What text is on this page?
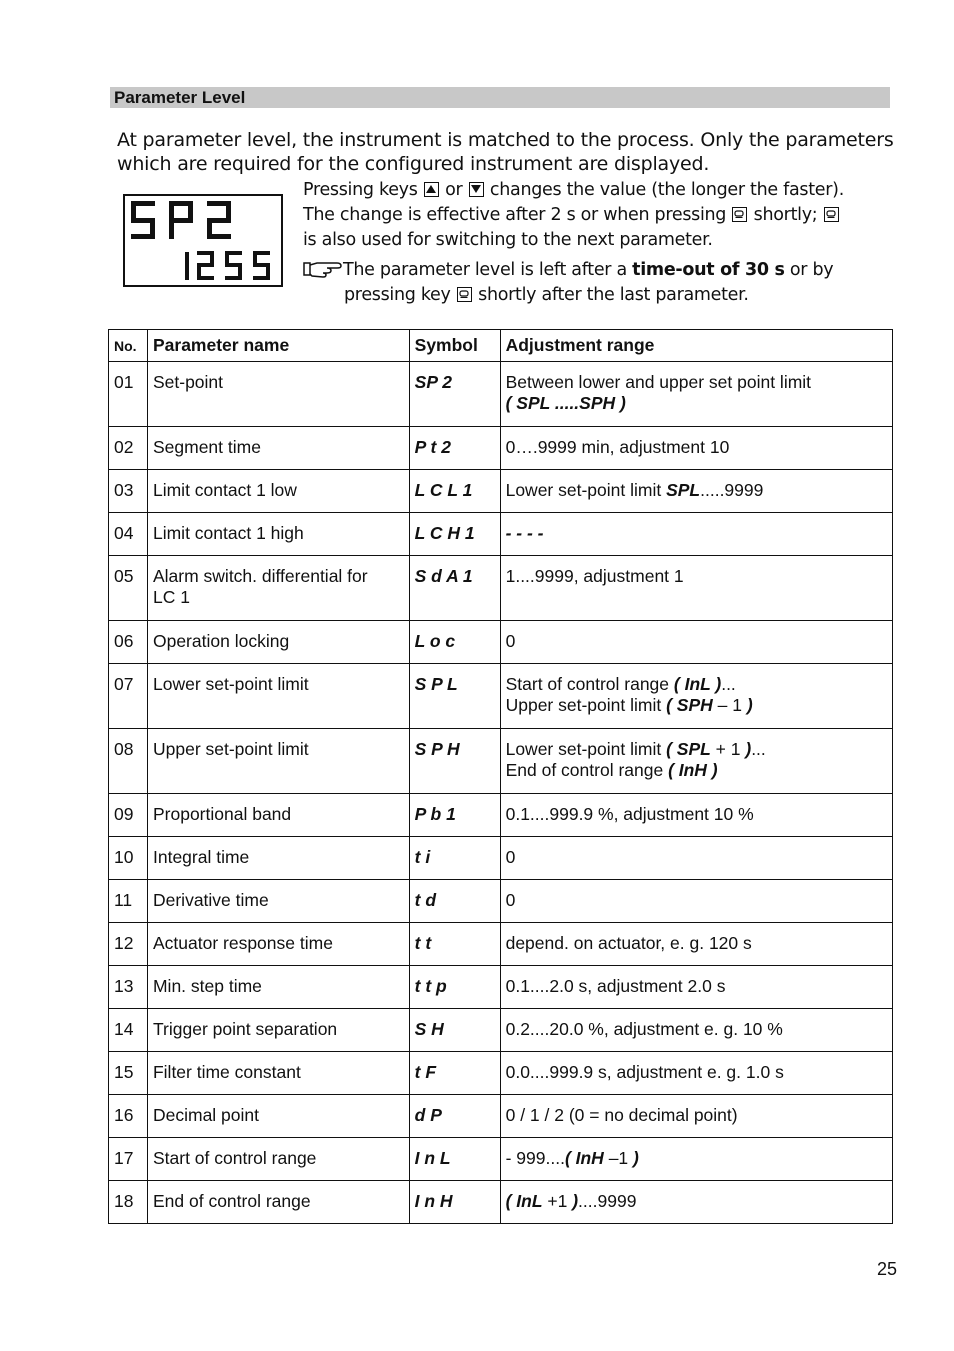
Parameter Level
At parameter level, the instrument is matched to the process. Only the parameters which are required for the configured instrument are displayed.

Pressing keys or changes the value (the longer the faster).

The change is effective after 2 s or when pressing shortly;

is also used for switching to the next parameter.

The parameter level is left after a time-out of 30 s or by
pressing key shortly after the last parameter.
No.	Parameter name	Symbol	Adjustment range
01	Set-point	SP 2	Between lower and upper set point limit
( SPL .....SPH )
02	Segment time	P t 2	0….9999 min, adjustment 10
03	Limit contact 1 low	L C L 1	Lower set-point limit SPL.....9999
04	Limit contact 1 high	L C H 1	- - - -
05	Alarm switch. differential for
LC 1	S d A 1	1....9999, adjustment 1
06	Operation locking	L o c	0
07	Lower set-point limit	S P L	Start of control range ( InL )...
Upper set-point limit ( SPH – 1 )
08	Upper set-point limit	S P H	Lower set-point limit ( SPL + 1 )...
End of control range ( InH )
09	Proportional band	P b 1	0.1....999.9 %, adjustment 10 %
10	Integral time	t i	0
11	Derivative time	t d	0
12	Actuator response time	t t	depend. on actuator, e. g. 120 s
13	Min. step time	t t p	0.1....2.0 s, adjustment 2.0 s
14	Trigger point separation	S H	0.2....20.0 %, adjustment e. g. 10 %
15	Filter time constant	t F	0.0....999.9 s, adjustment e. g. 1.0 s
16	Decimal point	d P	0 / 1 / 2 (0 = no decimal point)
17	Start of control range	I n L	- 999....( InH –1 )
18	End of control range	I n H	( InL +1 )....9999
25
